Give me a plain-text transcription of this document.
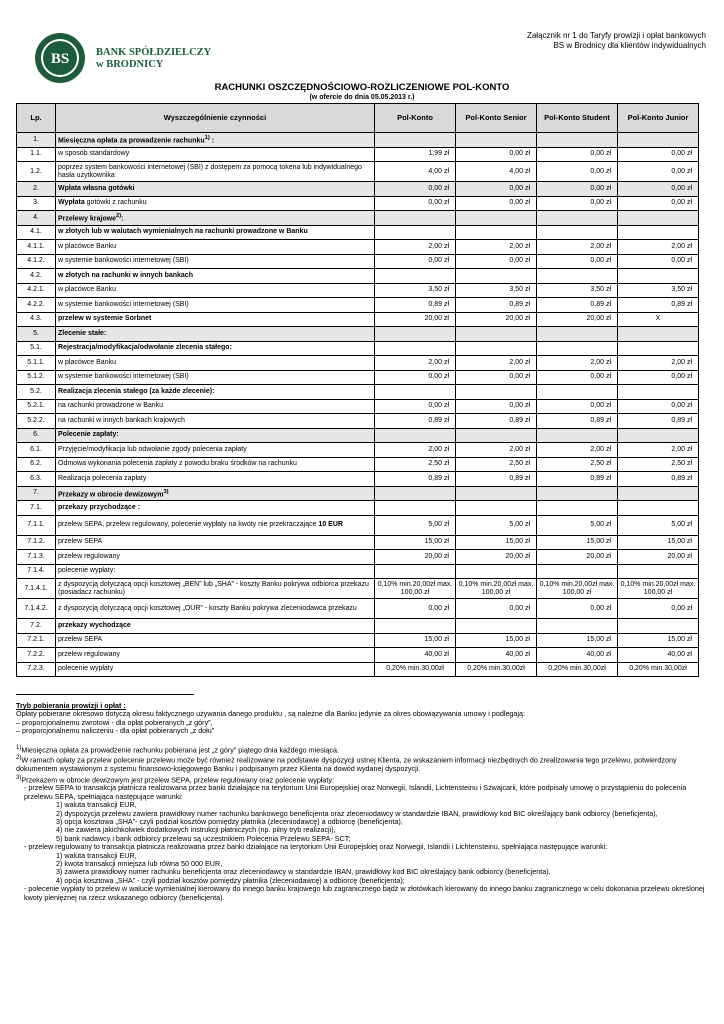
BS	BANK SPÓŁDZIELCZY
w BRODNICY
Załącznik nr 1 do Taryfy prowizji i opłat bankowych
BS w Brodnicy dla klientów indywidualnych
RACHUNKI OSZCZĘDNOŚCIOWO-ROZLICZENIOWE POL-KONTO
(w ofercie do dnia 05.05.2013 r.)
Lp.	Wyszczególnienie czynności	Pol-Konto	Pol-Konto Senior	Pol-Konto Student	Pol-Konto Junior
1.	Miesięczna opłata za prowadzenie rachunku$^{1)}$ :				
1.1.	w sposób standardowy	1,99 zł	0,00 zł	0,00 zł	0,00 zł
1.2.	poprzez system bankowości internetowej (SBI) z dostępem za pomocą tokena lub indywidualnego hasła użytkownika	4,00 zł	4,00 zł	0,00 zł	0,00 zł
2.	Wpłata własna gotówki	0,00 zł	0,00 zł	0,00 zł	0,00 zł
3.	Wypłata gotówki z rachunku	0,00 zł	0,00 zł	0,00 zł	0,00 zł
4.	Przelewy krajowe$^{2)}$:				
4.1.	w złotych lub w walutach wymienialnych na rachunki prowadzone w Banku				
4.1.1.	w placówce Banku	2,00 zł	2,00 zł	2,00 zł	2,00 zł
4.1.2.	w systemie bankowości internetowej (SBI)	0,00 zł	0,00 zł	0,00 zł	0,00 zł
4.2.	w złotych na rachunki w innych bankach				
4.2.1.	w placówce Banku	3,50 zł	3,50 zł	3,50 zł	3,50 zł
4.2.2.	w systemie bankowości internetowej (SBI)	0,89 zł	0,89 zł	0,89 zł	0,89 zł
4.3.	przelew w systemie Sorbnet	20,00 zł	20,00 zł	20,00 zł	X
5.	Zlecenie stałe:				
5.1.	Rejestracja/modyfikacja/odwołanie zlecenia stałego:				
5.1.1.	w placówce Banku	2,00 zł	2,00 zł	2,00 zł	2,00 zł
5.1.2.	w systemie bankowości internetowej (SBI)	0,00 zł	0,00 zł	0,00 zł	0,00 zł
5.2.	Realizacja zlecenia stałego (za każde zlecenie):				
5.2.1.	na rachunki prowadzone w Banku	0,00 zł	0,00 zł	0,00 zł	0,00 zł
5.2.2.	na rachunki w innych bankach krajowych	0,89 zł	0,89 zł	0,89 zł	0,89 zł
6.	Polecenie zapłaty:				
6.1.	Przyjęcie/modyfikacja lub odwołanie zgody polecenia zapłaty	2,00 zł	2,00 zł	2,00 zł	2,00 zł
6.2.	Odmowa wykonania polecenia zapłaty z powodu braku środków na rachunku	2,50 zł	2,50 zł	2,50 zł	2,50 zł
6.3.	Realizacja polecenia zapłaty	0,89 zł	0,89 zł	0,89 zł	0,89 zł
7.	Przekazy w obrocie dewizowym$^{3)}$				
7.1.	przekazy przychodzące :				
7.1.1.	przelew SEPA, przelew regulowany, polecenie wypłaty na kwoty nie przekraczające 10 EUR	5,00 zł	5,00 zł	5,00 zł	5,00 zł
7.1.2.	przelew SEPA	15,00 zł	15,00 zł	15,00 zł	15,00 zł
7.1.3.	przelew regulowany	20,00 zł	20,00 zł	20,00 zł	20,00 zł
7.1.4.	polecenie wypłaty:				
7.1.4.1.	z dyspozycją dotyczącą opcji kosztowej „BEN” lub „SHA” - koszty Banku pokrywa odbiorca przekazu (posiadacz rachunku)	0,10% min.20,00zł max. 100,00 zł	0,10% min.20,00zł max. 100,00 zł	0,10% min.20,00zł max. 100,00 zł	0,10% min.20,00zł max. 100,00 zł
7.1.4.2.	z dyspozycją dotyczącą opcji kosztowej „OUR” - koszty Banku pokrywa zleceniodawca przekazu	0,00 zł	0,00 zł	0,00 zł	0,00 zł
7.2.	przekazy wychodzące				
7.2.1.	przelew SEPA	15,00 zł	15,00 zł	15,00 zł	15,00 zł
7.2.2.	przelew regulowany	40,00 zł	40,00 zł	40,00 zł	40,00 zł
7.2.3.	polecenie wypłaty	0,20% min.30,00zł	0,20% min.30,00zł	0,20% min.30,00zł	0,20% min.30,00zł

Tryb pobierania prowizji i opłat :

Opłaty pobierane okresowo dotyczą okresu faktycznego używania danego produktu , są należne dla Banku jedynie za okres obowiązywania umowy i podlegają:

– proporcjonalnemu zwrotowi - dla opłat pobieranych „z góry”,

– proporcjonalnemu naliczeniu - dla opłat pobieranych „z dołu”

$^{1)}$Miesięczna opłata za prowadzenie rachunku pobierana jest „z góry” piątego dnia każdego miesiąca.

$^{2)}$W ramach opłaty za przelew polecenie przelewu może być również realizowane na podstawie dyspozycji ustnej Klienta, ze wskazaniem informacji niezbędnych do zrealizowania tego przelewu, potwierdzony dokumentem wystawionym z systemu finansowo-księgowego Banku i podpisanym przez Klienta na dowód wydanej dyspozycji.

$^{3)}$Przekazem w obrocie dewizowym jest przelew SEPA, przelew regulowany oraz polecenie wypłaty:

- przelew SEPA to transakcja płatnicza realizowana przez banki działające na terytorium Unii Europejskiej oraz Norwegii, Islandii, Lichtensteinu i Szwajcarii, które podpisały umowę o przystąpieniu do polecenia przelewu SEPA, spełniająca następujące warunki:

1) waluta transakcji EUR,

2) dyspozycja przelewu zawiera prawidłowy numer rachunku bankowego beneficjenta oraz zleceniodawcy w standardzie IBAN, prawidłowy kod BIC określający bank odbiorcy (beneficjenta),

3) opcja kosztowa „SHA”- czyli podział kosztów pomiędzy płatnika (zleceniodawcę) a odbiorcę (beneficjenta),

4) nie zawiera jakichkolwiek dodatkowych instrukcji płatniczych (np. pilny tryb realizacji),

5) bank nadawcy i bank odbiorcy przelewu są uczestnikiem Polecenia Przelewu SEPA- SCT;

- przelew regulowany to transakcja płatnicza realizowana przez banki działające na terytorium Unii Europejskiej oraz Norwegii, Islandii i Lichtensteinu, spełniająca następujące warunki:

1) waluta transakcji EUR,

2) kwota transakcji mniejsza lub równa 50 000 EUR,

3) zawiera prawidłowy numer rachunku beneficjenta oraz zleceniodawcy w standardzie IBAN, prawidłowy kod BIC określający bank odbiorcy (beneficjenta),

4) opcja kosztowa „SHA” - czyli podział kosztów pomiędzy płatnika (zleceniodawcę) a odbiorcę (beneficjenta);

- polecenie wypłaty to przelew w walucie wymienialnej kierowany do innego banku krajowego lub zagranicznego bądź w złotówkach kierowany do innego banku zagranicznego w celu dokonania przelewu określonej kwoty pieniężnej na rzecz wskazanego odbiorcy (beneficjenta).
